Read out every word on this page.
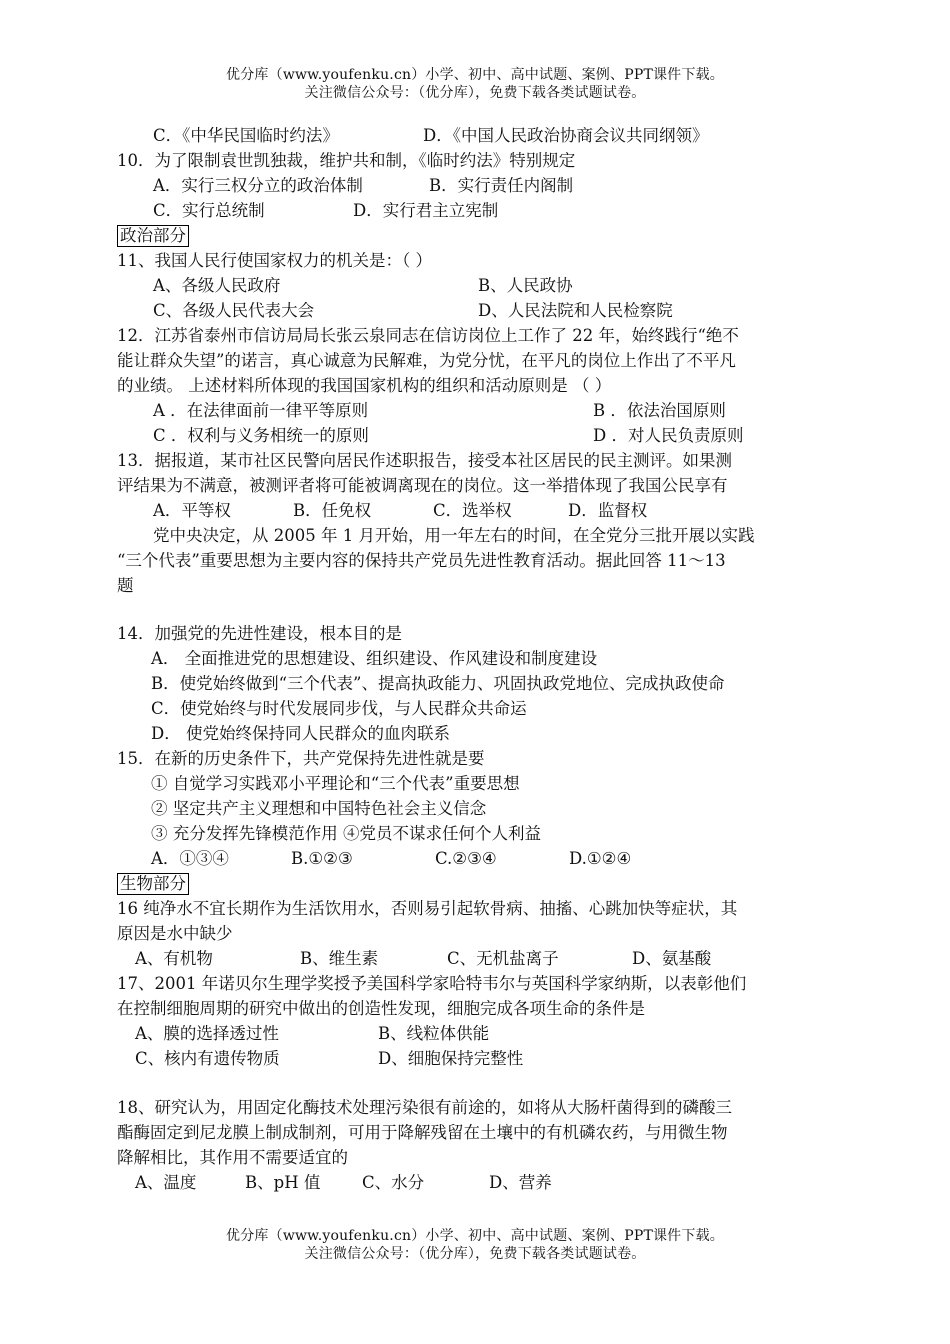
优分库（www.youfenku.cn）小学、初中、高中试题、案例、PPT课件下载。
关注微信公众号：（优分库），免费下载各类试题试卷。
C．《中华民国临时约法》	D．《中国人民政治协商会议共同纲领》
10．为了限制袁世凯独裁，维护共和制，《临时约法》特别规定
A．实行三权分立的政治体制	B．实行责任内阁制
C．实行总统制	D．实行君主立宪制
政治部分
11、我国人民行使国家权力的机关是：（ ）
A、各级人民政府	B、人民政协
C、各级人民代表大会	D、人民法院和人民检察院
12．江苏省泰州市信访局局长张云泉同志在信访岗位上工作了 22 年，始终践行“绝不
能让群众失望”的诺言，真心诚意为民解难，为党分忧，在平凡的岗位上作出了不平凡
的业绩。 上述材料所体现的我国国家机构的组织和活动原则是 （ ）
A ．在法律面前一律平等原则	B ．依法治国原则
C ．权利与义务相统一的原则	D ．对人民负责原则
13．据报道，某市社区民警向居民作述职报告，接受本社区居民的民主测评。如果测
评结果为不满意，被测评者将可能被调离现在的岗位。这一举措体现了我国公民享有
A．平等权	B．任免权	C．选举权	D．监督权
党中央决定，从 2005 年 1 月开始，用一年左右的时间，在全党分三批开展以实践
“三个代表”重要思想为主要内容的保持共产党员先进性教育活动。据此回答 11～13
题
14．加强党的先进性建设，根本目的是
A． 全面推进党的思想建设、组织建设、作风建设和制度建设
B．使党始终做到“三个代表”、提高执政能力、巩固执政党地位、完成执政使命
C．使党始终与时代发展同步伐，与人民群众共命运
D． 使党始终保持同人民群众的血肉联系
15．在新的历史条件下，共产党保持先进性就是要
① 自觉学习实践邓小平理论和“三个代表”重要思想
② 坚定共产主义理想和中国特色社会主义信念
③ 充分发挥先锋模范作用 ④党员不谋求任何个人利益
A．①③④	B.①②③	C.②③④	D.①②④
生物部分
16 纯净水不宜长期作为生活饮用水，否则易引起软骨病、抽搐、心跳加快等症状，其
原因是水中缺少
A、有机物	B、维生素	C、无机盐离子	D、氨基酸
17、2001 年诺贝尔生理学奖授予美国科学家哈特韦尔与英国科学家纳斯，以表彰他们
在控制细胞周期的研究中做出的创造性发现，细胞完成各项生命的条件是
A、膜的选择透过性	B、线粒体供能
C、核内有遗传物质	D、细胞保持完整性
18、研究认为，用固定化酶技术处理污染很有前途的，如将从大肠杆菌得到的磷酸三
酯酶固定到尼龙膜上制成制剂，可用于降解残留在土壤中的有机磷农药，与用微生物
降解相比，其作用不需要适宜的
A、温度	B、pH 值	C、水分	D、营养
优分库（www.youfenku.cn）小学、初中、高中试题、案例、PPT课件下载。
关注微信公众号：（优分库），免费下载各类试题试卷。
